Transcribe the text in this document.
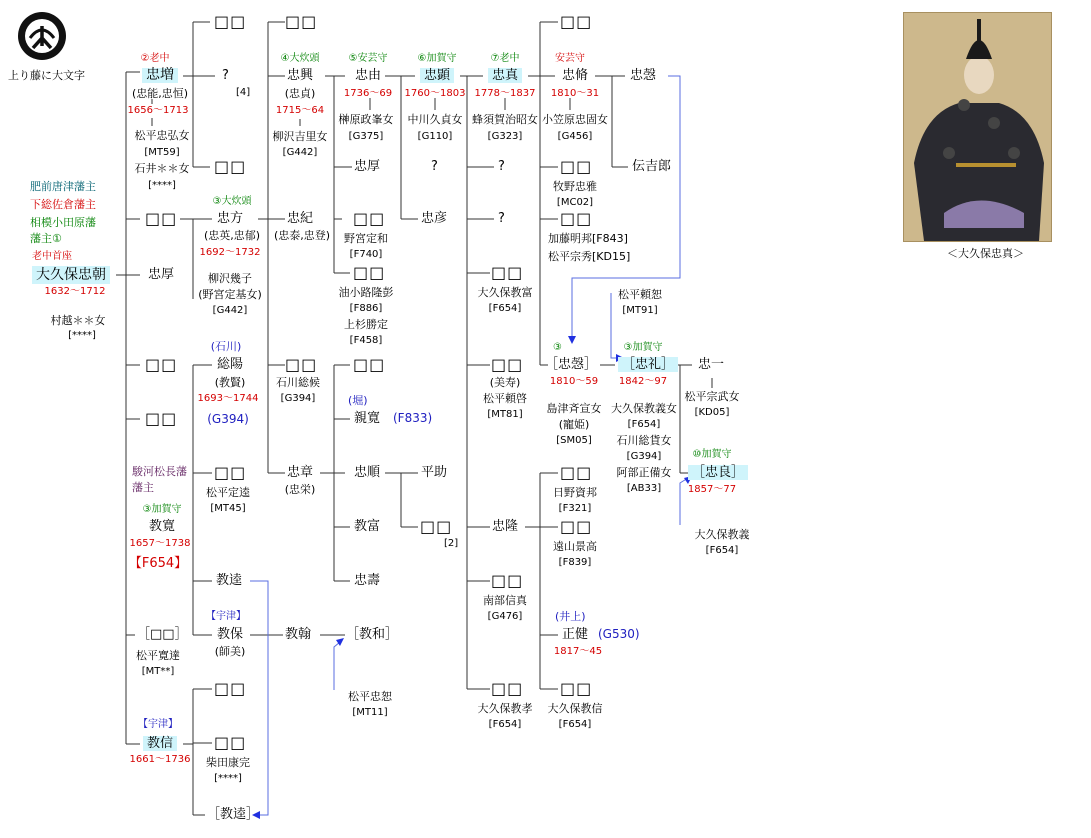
上り藤に大文字
＜大久保忠真＞
肥前唐津藩主
下総佐倉藩主
相模小田原藩
藩主①
老中首座
駿河松長藩
藩主
大久保忠朝
1632〜1712
村越＊＊女
[****]
②老中
忠増
(忠能,忠恒)
1656〜1713
松平忠弘女
[MT59]
石井＊＊女
[****]
□□
忠厚
□□
□□
③加賀守
教寛
1657〜1738
【F654】
［□□］
松平寛達
[MT**]
【宇津】
教信
1661〜1736
□□
?
[4]
□□
③大炊頭
忠方
(忠英,忠郁)
1692〜1732
柳沢幾子
(野宮定基女)
[G442]
(石川)
総陽
(教賢)
1693〜1744
(G394)
□□
松平定逵
[MT45]
教逵
【宇津】
教保
(師美)
□□
□□
柴田康完
[****]
［教逵］
□□
④大炊頭
忠興
(忠貞)
1715〜64
柳沢吉里女
[G442]
忠紀
(忠泰,忠登)
□□
石川総候
[G394]
忠章
(忠栄)
教翰
⑤安芸守
忠由
1736〜69
榊原政峯女
[G375]
忠厚
□□
野宮定和
[F740]
□□
油小路隆彭
[F886]
上杉勝定
[F458]
□□
(堀)
親寛 (F833)
忠順
教富
忠壽
［教和］
松平忠恕
[MT11]
⑥加賀守
忠顕
1760〜1803
中川久貞女
[G110]
?
忠彦
平助
□□
[2]
⑦老中
忠真
1778〜1837
蜂須賀治昭女
[G323]
?
?
□□
大久保教富
[F654]
□□
(美寿)
松平頼啓
[MT81]
忠隆
□□
南部信真
[G476]
□□
大久保教孝
[F654]
□□
安芸守
忠脩
1810〜31
小笠原忠固女
[G456]
□□
牧野忠雅
[MC02]
□□
加藤明邦[F843]
松平宗秀[KD15]
③
［忠愨］
1810〜59
島津斉宣女
(寵姫)
[SM05]
□□
日野資邦
[F321]
□□
遠山景高
[F839]
(井上)
正健 (G530)
1817〜45
□□
大久保教信
[F654]
忠愨
伝吉郎
松平頼恕
[MT91]
③加賀守
［忠礼］
1842〜97
大久保教義女
[F654]
石川総貨女
[G394]
阿部正備女
[AB33]
忠一
松平宗武女
[KD05]
⑩加賀守
［忠良］
1857〜77
大久保教義
[F654]
